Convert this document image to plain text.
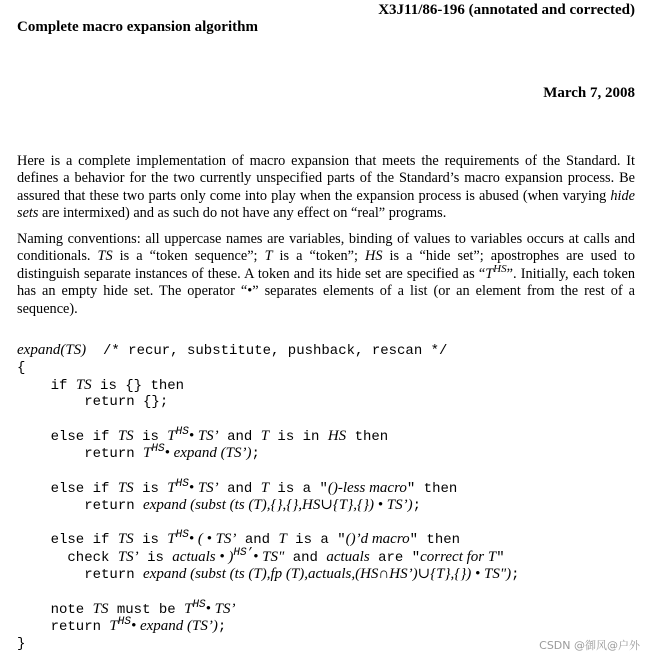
X3J11/86-196 (annotated and corrected)
Complete macro expansion algorithm
March 7, 2008

Here is a complete implementation of macro expansion that meets the requirements of the Standard. It defines a behavior for the two currently unspecified parts of the Standard’s macro expansion process. Be assured that these two parts only come into play when the expansion process is abused (when varying hide sets are intermixed) and as such do not have any effect on “real” programs.

Naming conventions: all uppercase names are variables, binding of values to variables occurs at calls and conditionals. TS is a “token sequence”; T is a “token”; HS is a “hide set”; apostrophes are used to distinguish separate instances of these. A token and its hide set are specified as “$T^{HS}$”. Initially, each token has an empty hide set. The operator “•” separates elements of a list (or an element from the rest of a sequence).

expand(TS)  /* recur, substitute, pushback, rescan */
{
if TS is {} then
return {};
else if TS is $T^{HS}•$ TS’ and T is in HS then
return $T^{HS}•$ expand (TS’);
else if TS is $T^{HS}•$ TS’ and T is a "()-less macro" then
return expand (subst (ts (T),{},{},HS∪{T},{}) • TS’);
else if TS is $T^{HS}•$ ( • TS’ and T is a "()’d macro" then
check TS’ is actuals • )$^{HS’}$• TS" and actuals are "correct for T"
return expand (subst (ts (T),fp (T),actuals,(HS∩HS’)∪{T},{}) • TS");
note TS must be $T^{HS}•$ TS’
return $T^{HS}•$ expand (TS’);
}	CSDN @御风@户外
